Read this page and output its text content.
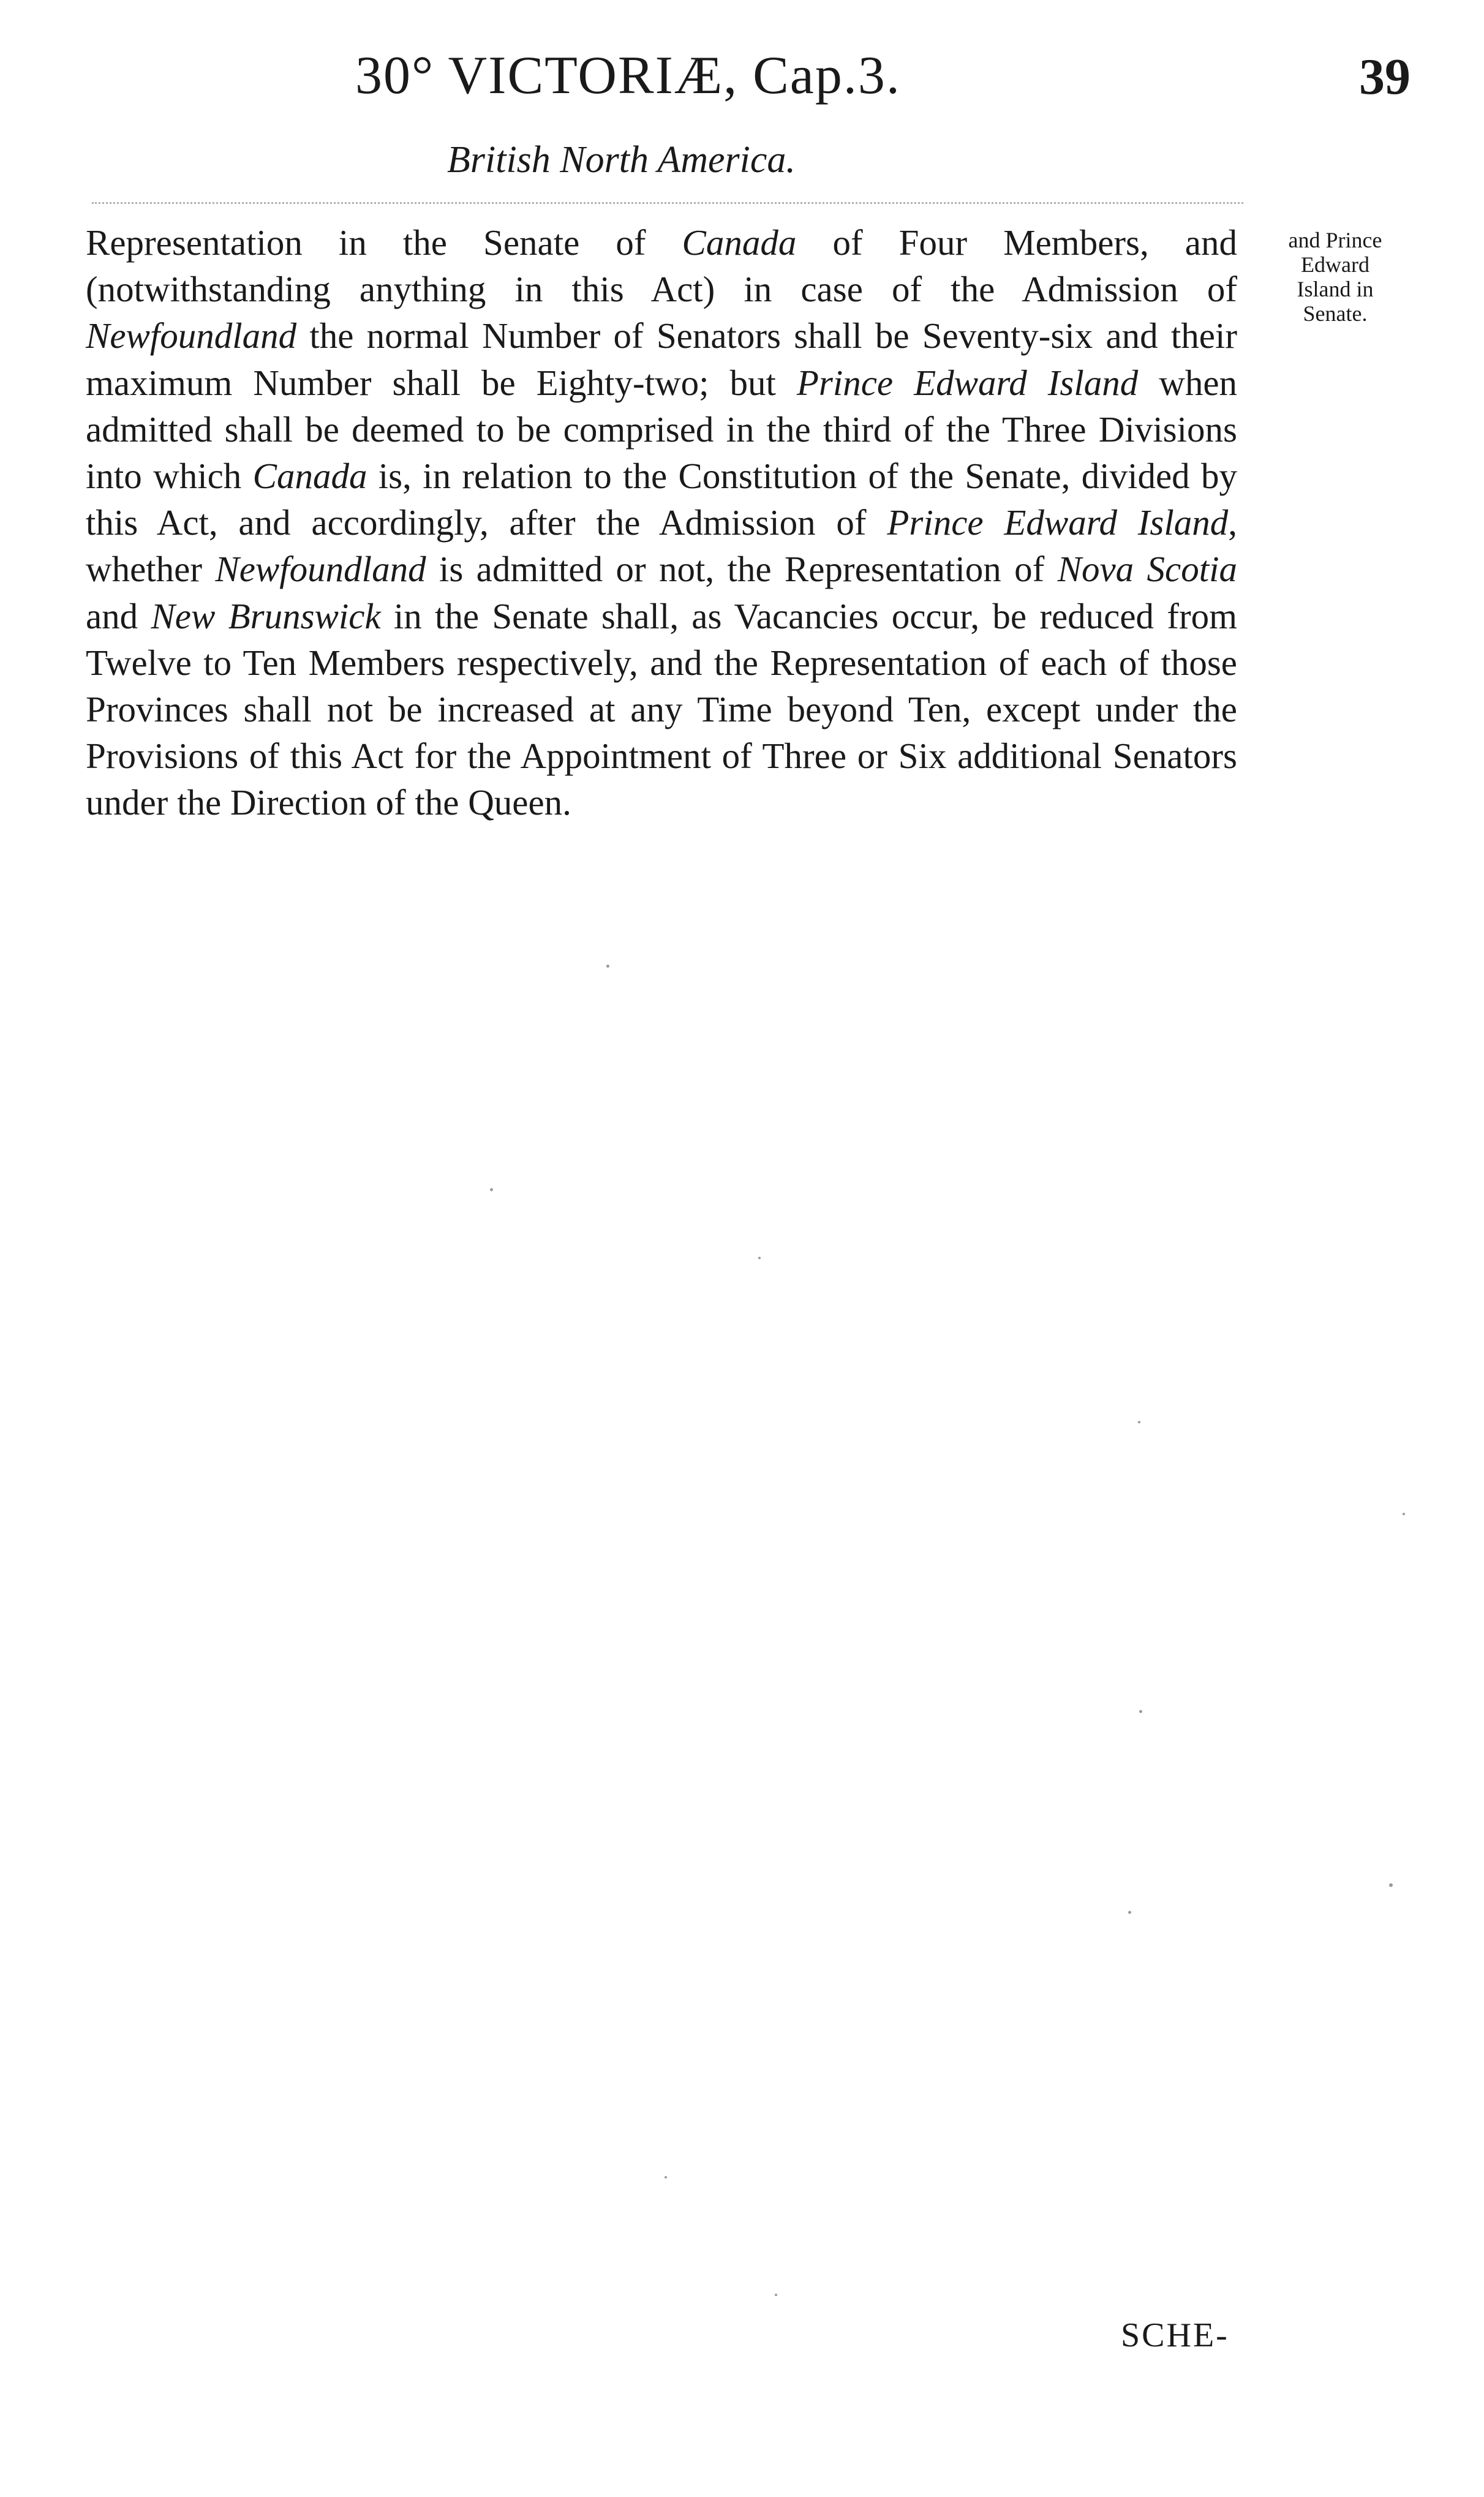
30° VICTORIÆ, Cap.3.	39
British North America.

Representation in the Senate of Canada of Four Members, and (notwithstanding anything in this Act) in case of the Admission of Newfoundland the normal Number of Senators shall be Seventy-six and their maximum Number shall be Eighty-two; but Prince Edward Island when admitted shall be deemed to be comprised in the third of the Three Divisions into which Canada is, in relation to the Constitution of the Senate, divided by this Act, and accordingly, after the Admission of Prince Edward Island, whether Newfoundland is admitted or not, the Representation of Nova Scotia and New Brunswick in the Senate shall, as Vacancies occur, be reduced from Twelve to Ten Members respectively, and the Representation of each of those Provinces shall not be increased at any Time beyond Ten, except under the Provisions of this Act for the Appointment of Three or Six additional Senators under the Direction of the Queen.

and Prince
Edward
Island in
Senate.
SCHE-
